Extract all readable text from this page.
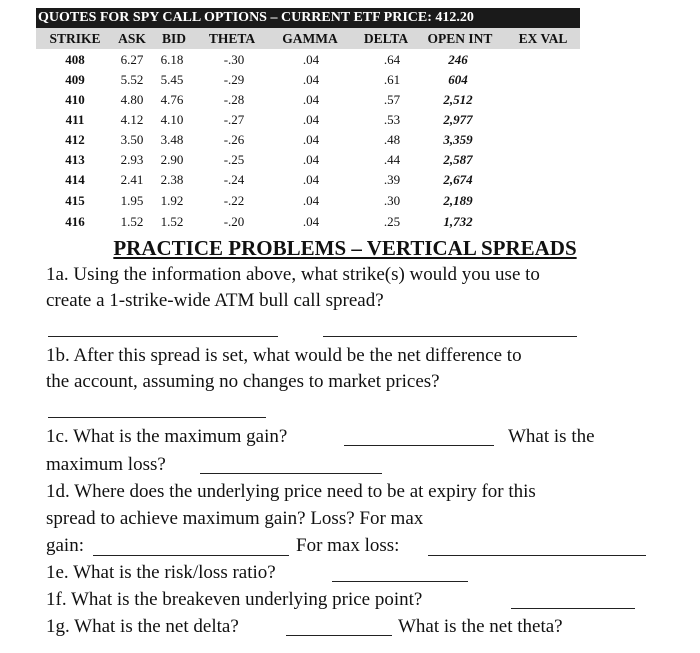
QUOTES FOR SPY CALL OPTIONS – CURRENT ETF PRICE: 412.20
STRIKE	ASK	BID	THETA	GAMMA	DELTA	OPEN INT	EX VAL
408	6.27	6.18	-.30	.04	.64	246
409	5.52	5.45	-.29	.04	.61	604
410	4.80	4.76	-.28	.04	.57	2,512
411	4.12	4.10	-.27	.04	.53	2,977
412	3.50	3.48	-.26	.04	.48	3,359
413	2.93	2.90	-.25	.04	.44	2,587
414	2.41	2.38	-.24	.04	.39	2,674
415	1.95	1.92	-.22	.04	.30	2,189
416	1.52	1.52	-.20	.04	.25	1,732
PRACTICE PROBLEMS – VERTICAL SPREADS
1a. Using the information above, what strike(s) would you use to
create a 1-strike-wide ATM bull call spread?
1b. After this spread is set, what would be the net difference to
the account, assuming no changes to market prices?
1c. What is the maximum gain?	What is the
maximum loss?
1d. Where does the underlying price need to be at expiry for this
spread to achieve maximum gain? Loss? For max
gain:	For max loss:
1e. What is the risk/loss ratio?
1f. What is the breakeven underlying price point?
1g. What is the net delta?	What is the net theta?
